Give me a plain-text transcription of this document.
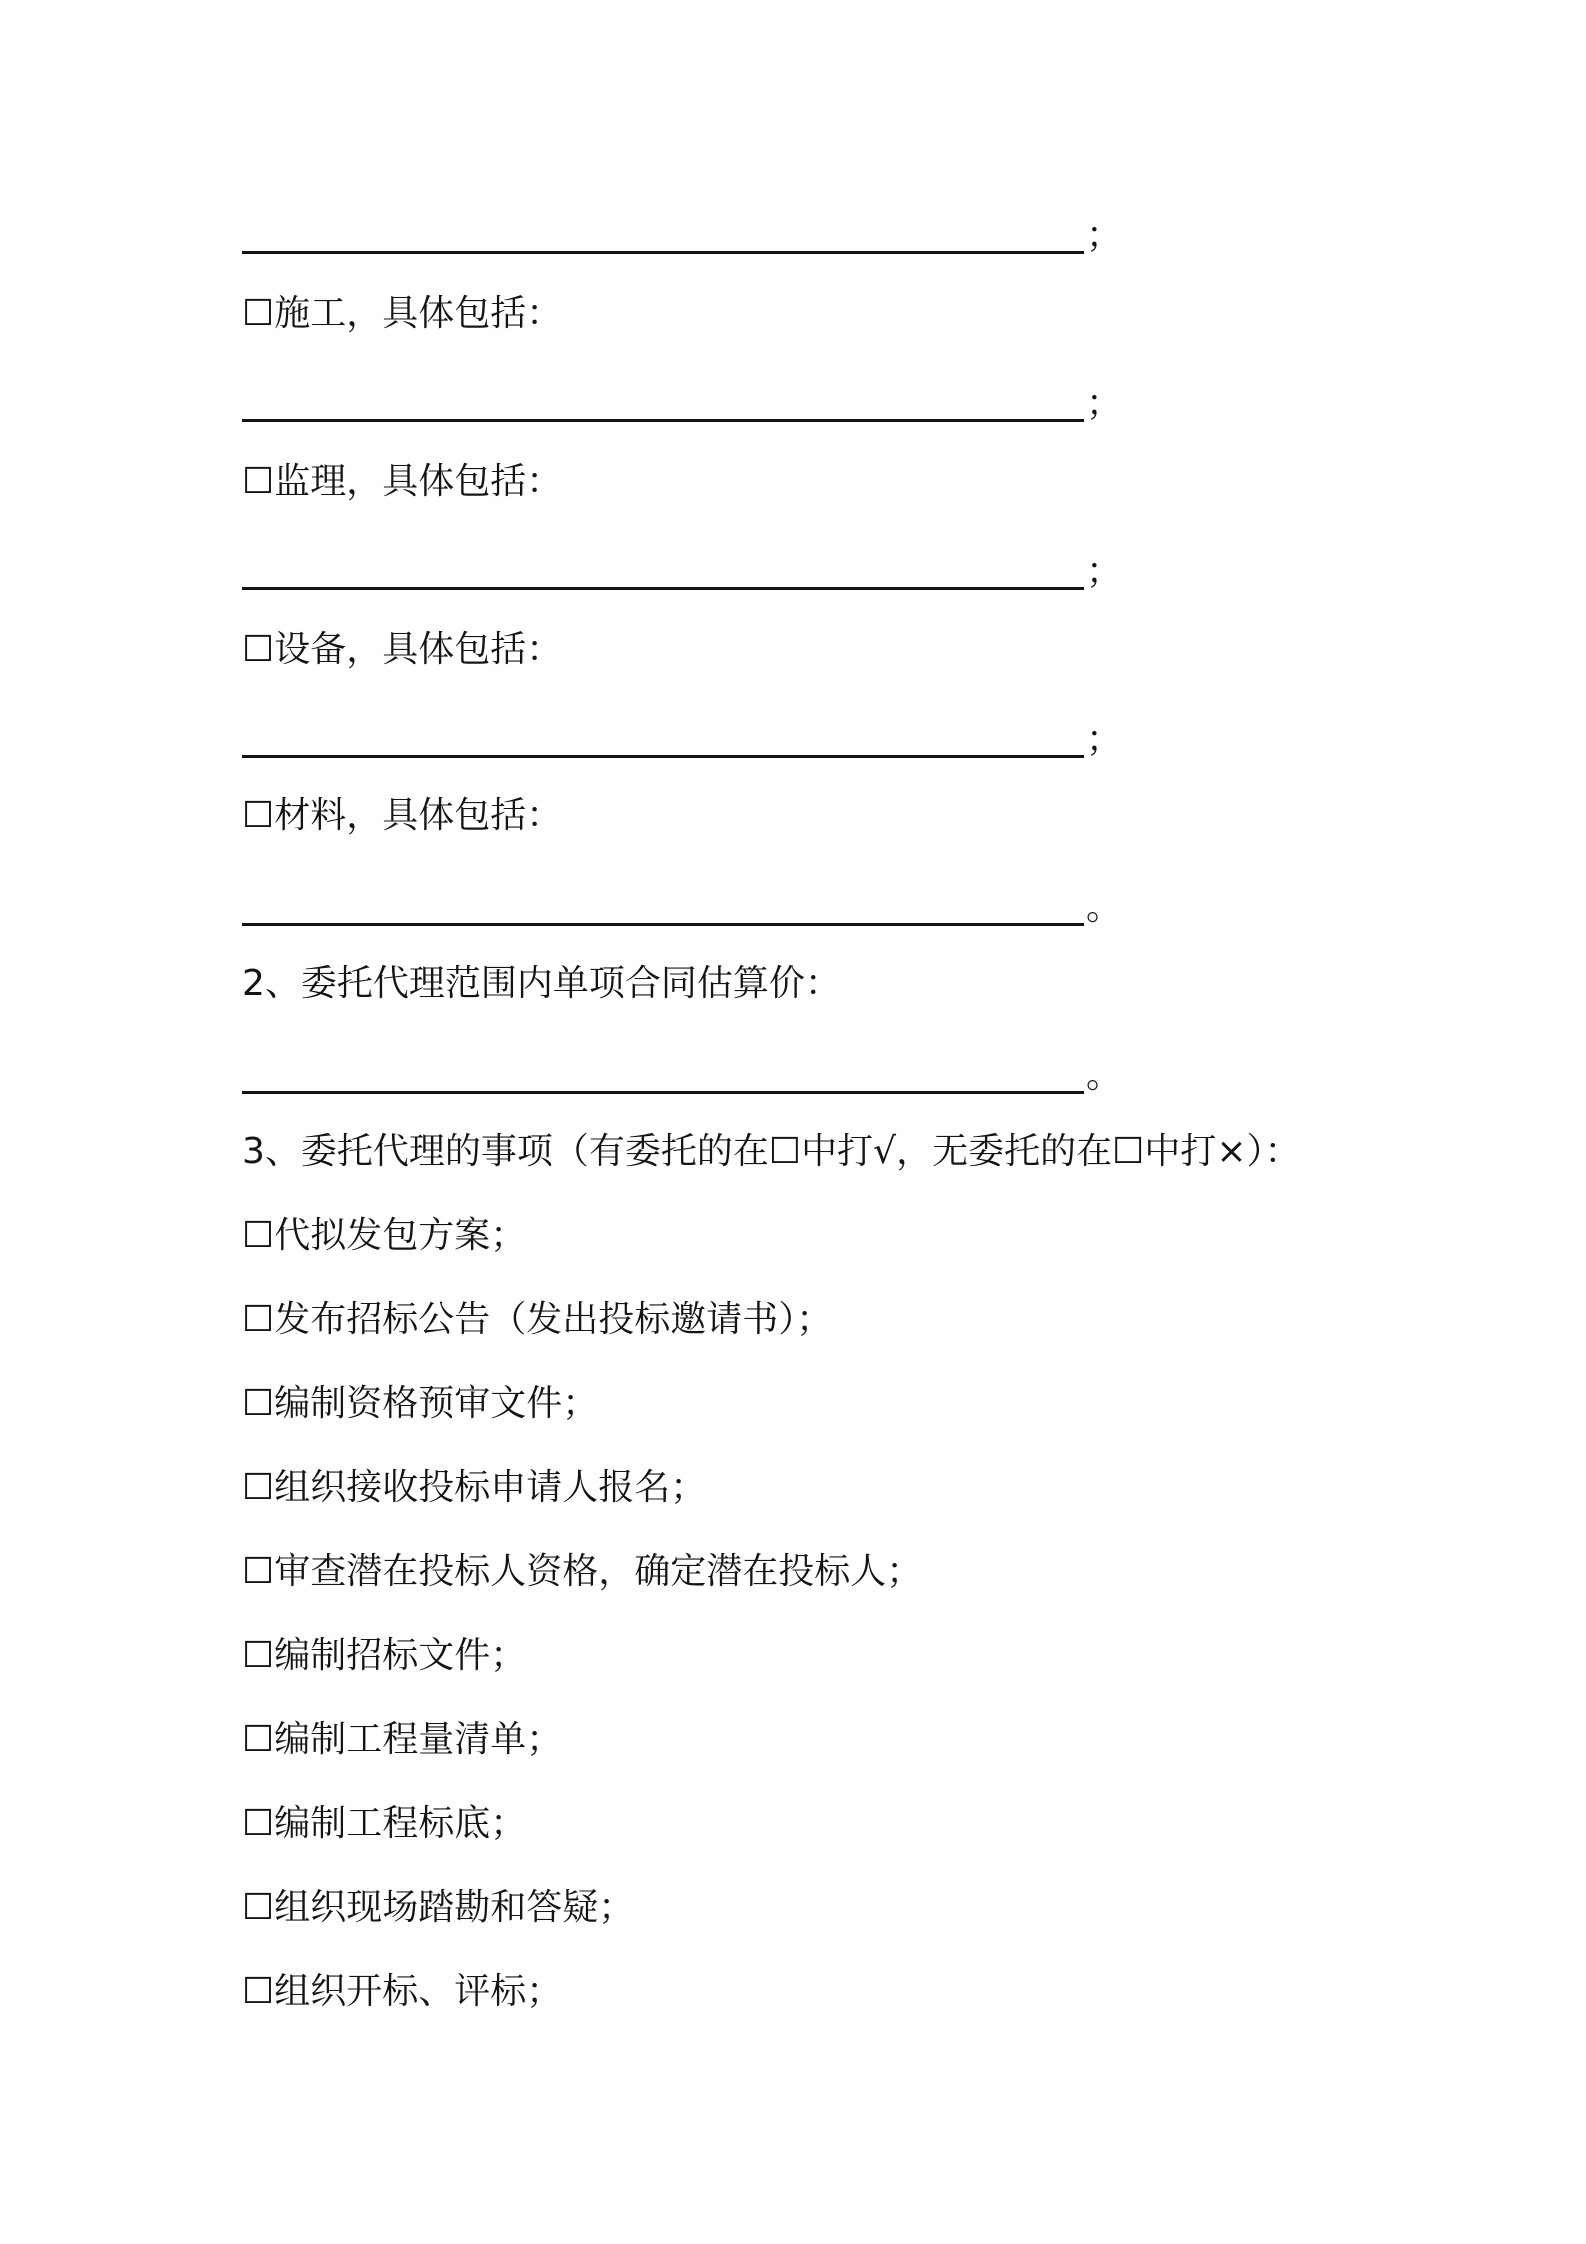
；
☐施工，具体包括：
；
☐监理，具体包括：
；
☐设备，具体包括：
；
☐材料，具体包括：
。
2、委托代理范围内单项合同估算价：
。
3、委托代理的事项（有委托的在☐中打√，无委托的在☐中打×）：
☐代拟发包方案；
☐发布招标公告（发出投标邀请书）；
☐编制资格预审文件；
☐组织接收投标申请人报名；
☐审查潜在投标人资格，确定潜在投标人；
☐编制招标文件；
☐编制工程量清单；
☐编制工程标底；
☐组织现场踏勘和答疑；
☐组织开标、评标；
